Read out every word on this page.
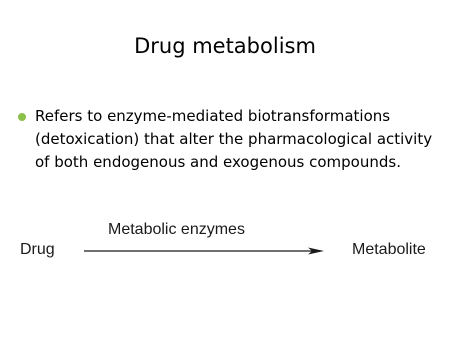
Drug metabolism
Refers to enzyme-mediated biotransformations (detoxication) that alter the pharmacological activity of both endogenous and exogenous compounds.
Metabolic enzymes
Drug	Metabolite
